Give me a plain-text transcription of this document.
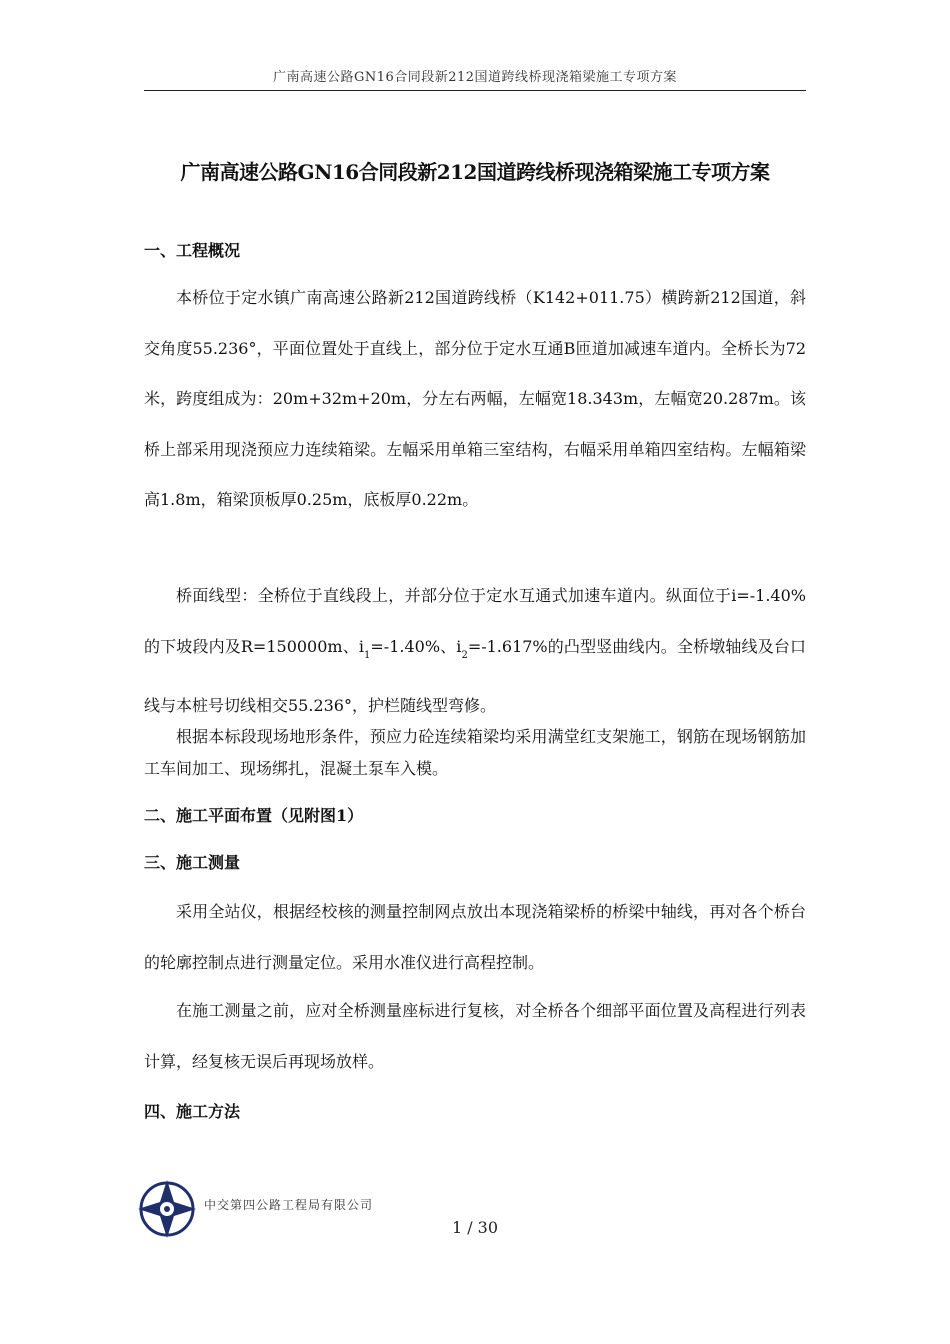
广南高速公路GN16合同段新212国道跨线桥现浇箱梁施工专项方案
广南高速公路GN16合同段新212国道跨线桥现浇箱梁施工专项方案
一、工程概况

本桥位于定水镇广南高速公路新212国道跨线桥（K142+011.75）横跨新212国道，斜交角度55.236°，平面位置处于直线上，部分位于定水互通B匝道加减速车道内。全桥长为72米，跨度组成为：20m+32m+20m，分左右两幅，左幅宽18.343m，左幅宽20.287m。该桥上部采用现浇预应力连续箱梁。左幅采用单箱三室结构，右幅采用单箱四室结构。左幅箱梁高1.8m，箱梁顶板厚0.25m，底板厚0.22m。

桥面线型：全桥位于直线段上，并部分位于定水互通式加速车道内。纵面位于i=-1.40%的下坡段内及R=150000m、$i_1=-1.40\%$、$i_2=-1.617\%$的凸型竖曲线内。全桥墩轴线及台口线与本桩号切线相交55.236°，护栏随线型弯修。

根据本标段现场地形条件，预应力砼连续箱梁均采用满堂红支架施工，钢筋在现场钢筋加工车间加工、现场绑扎，混凝土泵车入模。

二、施工平面布置（见附图1）
三、施工测量

采用全站仪，根据经校核的测量控制网点放出本现浇箱梁桥的桥梁中轴线，再对各个桥台的轮廓控制点进行测量定位。采用水准仪进行高程控制。

在施工测量之前，应对全桥测量座标进行复核，对全桥各个细部平面位置及高程进行列表计算，经复核无误后再现场放样。

四、施工方法
中交第四公路工程局有限公司
1 / 30
